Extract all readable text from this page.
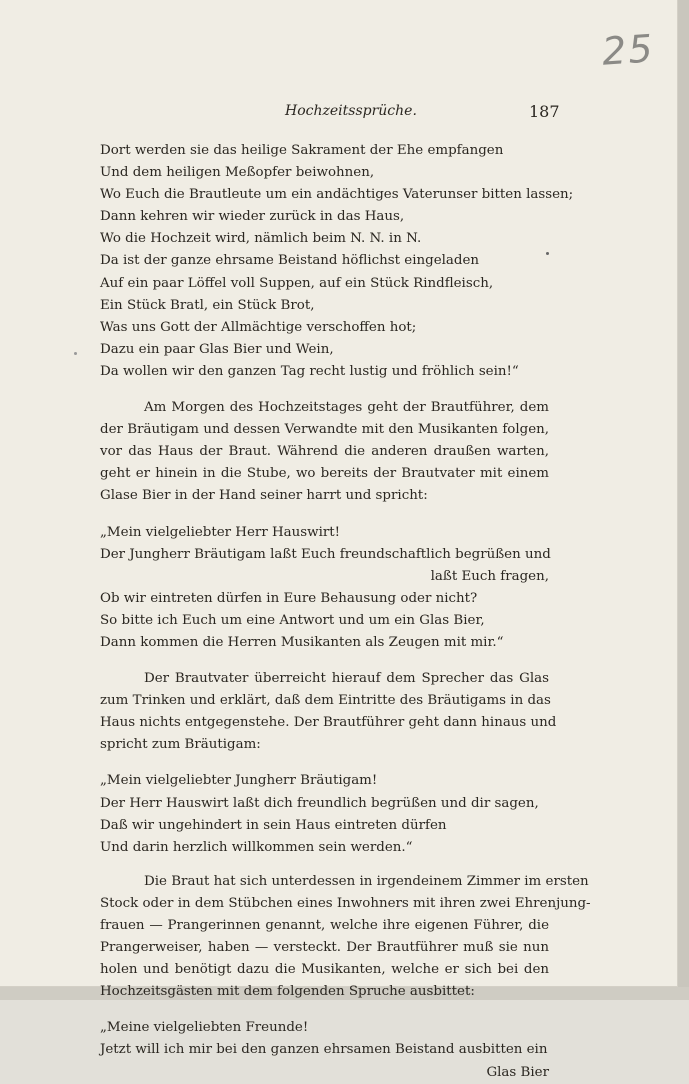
25
Hochzeitssprüche.	187
Dort werden sie das heilige Sakrament der Ehe empfangen
Und dem heiligen Meßopfer beiwohnen,
Wo Euch die Brautleute um ein andächtiges Vaterunser bitten lassen;
Dann kehren wir wieder zurück in das Haus,
Wo die Hochzeit wird, nämlich beim N. N. in N.
Da ist der ganze ehrsame Beistand höflichst eingeladen
Auf ein paar Löffel voll Suppen, auf ein Stück Rindfleisch,
Ein Stück Bratl, ein Stück Brot,
Was uns Gott der Allmächtige verschoffen hot;
Dazu ein paar Glas Bier und Wein,
Da wollen wir den ganzen Tag recht lustig und fröhlich sein!“
Am Morgen des Hochzeitstages geht der Brautführer, dem
der Bräutigam und dessen Verwandte mit den Musikanten folgen,
vor das Haus der Braut. Während die anderen draußen warten,
geht er hinein in die Stube, wo bereits der Brautvater mit einem
Glase Bier in der Hand seiner harrt und spricht:
„Mein vielgeliebter Herr Hauswirt!
Der Jungherr Bräutigam laßt Euch freundschaftlich begrüßen und
laßt Euch fragen,
Ob wir eintreten dürfen in Eure Behausung oder nicht?
So bitte ich Euch um eine Antwort und um ein Glas Bier,
Dann kommen die Herren Musikanten als Zeugen mit mir.“
Der Brautvater überreicht hierauf dem Sprecher das Glas
zum Trinken und erklärt, daß dem Eintritte des Bräutigams in das
Haus nichts entgegenstehe. Der Brautführer geht dann hinaus und
spricht zum Bräutigam:
„Mein vielgeliebter Jungherr Bräutigam!
Der Herr Hauswirt laßt dich freundlich begrüßen und dir sagen,
Daß wir ungehindert in sein Haus eintreten dürfen
Und darin herzlich willkommen sein werden.“
Die Braut hat sich unterdessen in irgendeinem Zimmer im ersten
Stock oder in dem Stübchen eines Inwohners mit ihren zwei Ehrenjung-
frauen — Prangerinnen genannt, welche ihre eigenen Führer, die
Prangerweiser, haben — versteckt. Der Brautführer muß sie nun
holen und benötigt dazu die Musikanten, welche er sich bei den
Hochzeitsgästen mit dem folgenden Spruche ausbittet:
„Meine vielgeliebten Freunde!
Jetzt will ich mir bei den ganzen ehrsamen Beistand ausbitten ein
Glas Bier
